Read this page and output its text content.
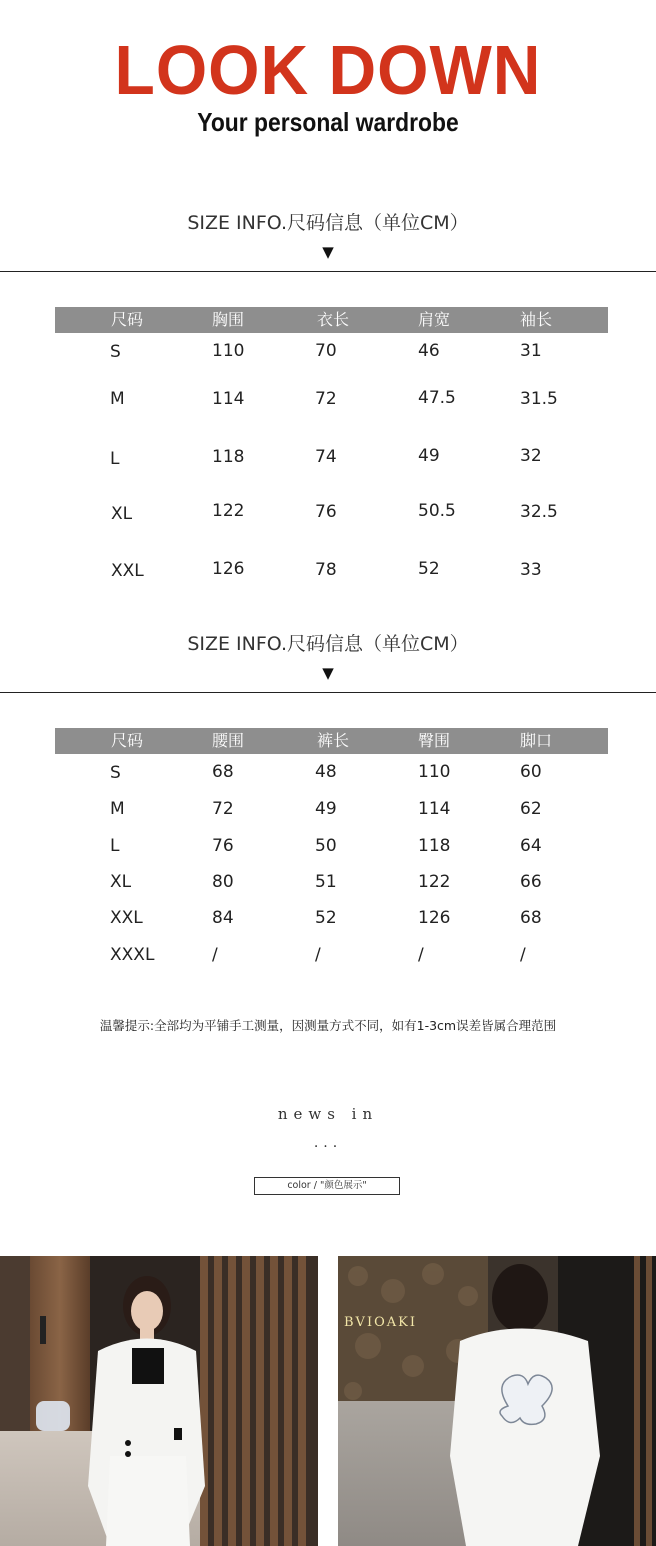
LOOK DOWN
Your personal wardrobe
SIZE INFO.尺码信息（单位CM）
▼
尺码	胸围	衣长	肩宽	袖长
S	110	70	46	31
M	114	72	47.5	31.5
L	118	74	49	32
XL	122	76	50.5	32.5
XXL	126	78	52	33
SIZE INFO.尺码信息（单位CM）
▼
尺码	腰围	裤长	臀围	脚口
S	68	48	110	60
M	72	49	114	62
L	76	50	118	64
XL	80	51	122	66
XXL	84	52	126	68
XXXL	/	/	/	/
温馨提示:全部均为平铺手工测量，因测量方式不同，如有1-3cm误差皆属合理范围
news in
...
color / "颜色展示"
BVIOAKI
